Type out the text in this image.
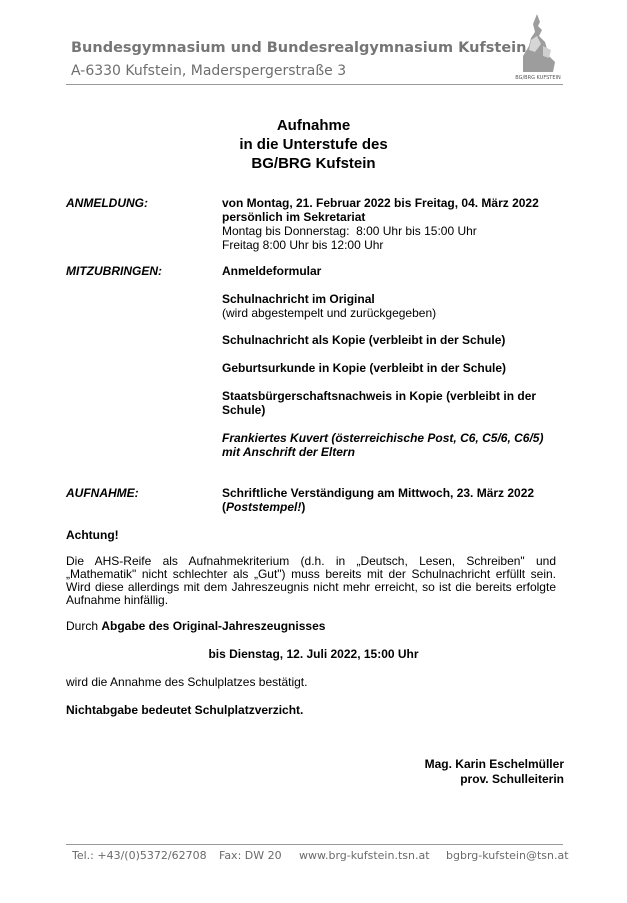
Bundesgymnasium und Bundesrealgymnasium Kufstein
A-6330 Kufstein, Maderspergerstraße 3	BG/BRG KUFSTEIN
Aufnahme
in die Unterstufe des
BG/BRG Kufstein
ANMELDUNG:	von Montag, 21. Februar 2022 bis Freitag, 04. März 2022
persönlich im Sekretariat
Montag bis Donnerstag:  8:00 Uhr bis 15:00 Uhr
Freitag 8:00 Uhr bis 12:00 Uhr
MITZUBRINGEN:	Anmeldeformular
Schulnachricht im Original
(wird abgestempelt und zurückgegeben)
Schulnachricht als Kopie (verbleibt in der Schule)
Geburtsurkunde in Kopie (verbleibt in der Schule)
Staatsbürgerschaftsnachweis in Kopie (verbleibt in der
Schule)
Frankiertes Kuvert (österreichische Post, C6, C5/6, C6/5)
mit Anschrift der Eltern
AUFNAHME:	Schriftliche Verständigung am Mittwoch, 23. März 2022
(Poststempel!)
Achtung!
Die AHS-Reife als Aufnahmekriterium (d.h. in „Deutsch, Lesen, Schreiben" und „Mathematik" nicht schlechter als „Gut") muss bereits mit der Schulnachricht erfüllt sein. Wird diese allerdings mit dem Jahreszeugnis nicht mehr erreicht, so ist die bereits erfolgte Aufnahme hinfällig.
Durch Abgabe des Original-Jahreszeugnisses
bis Dienstag, 12. Juli 2022, 15:00 Uhr
wird die Annahme des Schulplatzes bestätigt.
Nichtabgabe bedeutet Schulplatzverzicht.
Mag. Karin Eschelmüller
prov. Schulleiterin
Tel.: +43/(0)5372/62708 Fax: DW 20 www.brg-kufstein.tsn.at bgbrg-kufstein@tsn.at
